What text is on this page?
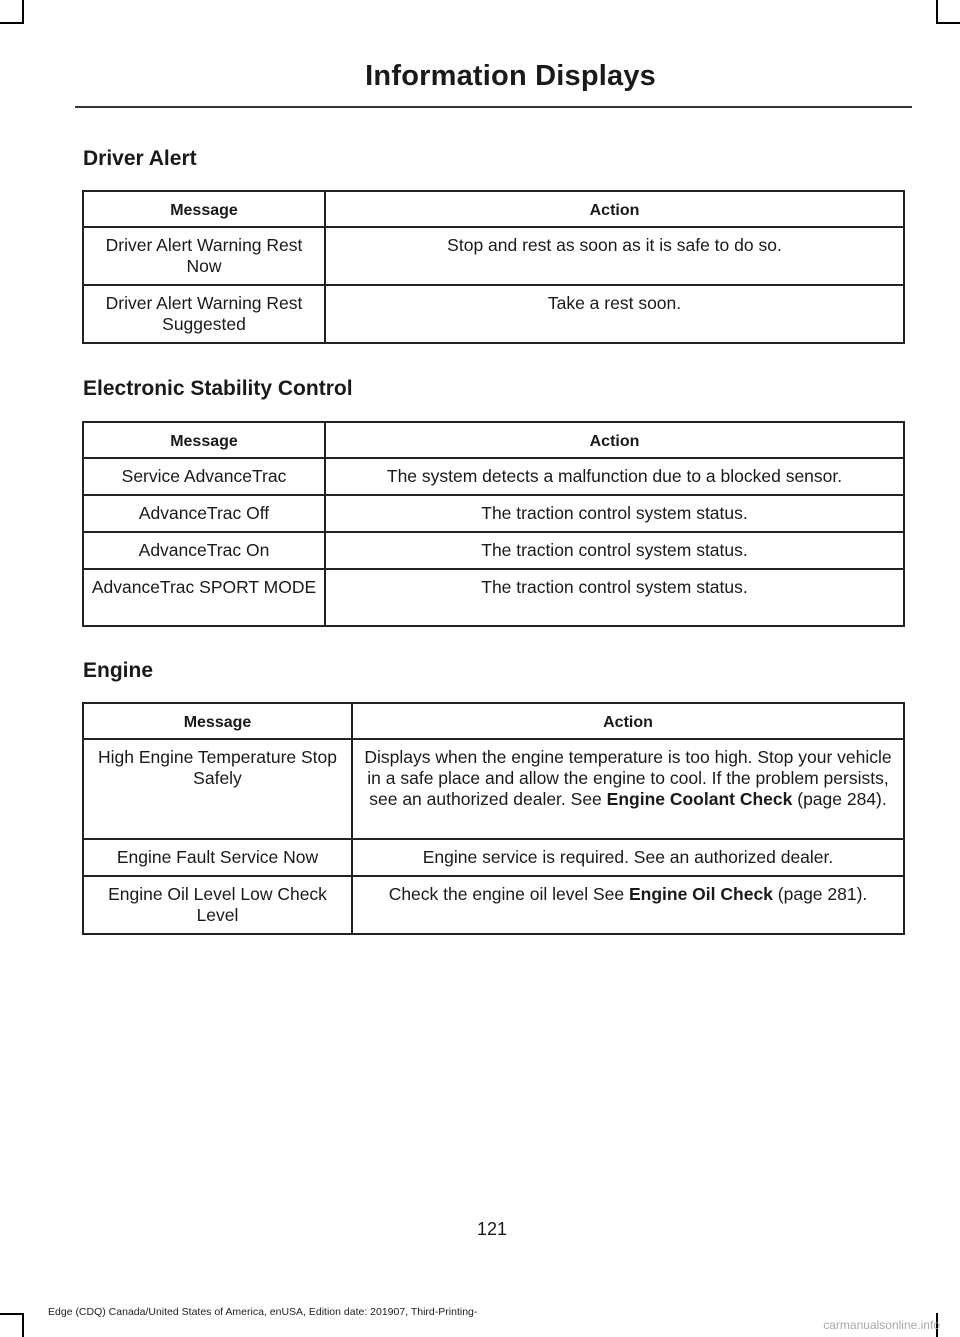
Information Displays
Driver Alert
Message	Action
Driver Alert Warning Rest Now	Stop and rest as soon as it is safe to do so.
Driver Alert Warning Rest Suggested	Take a rest soon.
Electronic Stability Control
Message	Action
Service AdvanceTrac	The system detects a malfunction due to a blocked sensor.
AdvanceTrac Off	The traction control system status.
AdvanceTrac On	The traction control system status.
AdvanceTrac SPORT MODE	The traction control system status.
Engine
Message	Action
High Engine Temperature Stop Safely	Displays when the engine temperature is too high. Stop your vehicle in a safe place and allow the engine to cool. If the problem persists, see an authorized dealer. See Engine Coolant Check (page 284).
Engine Fault Service Now	Engine service is required. See an authorized dealer.
Engine Oil Level Low Check Level	Check the engine oil level See Engine Oil Check (page 281).
121
Edge (CDQ) Canada/United States of America, enUSA, Edition date: 201907, Third-Printing-
carmanualsonline.info
